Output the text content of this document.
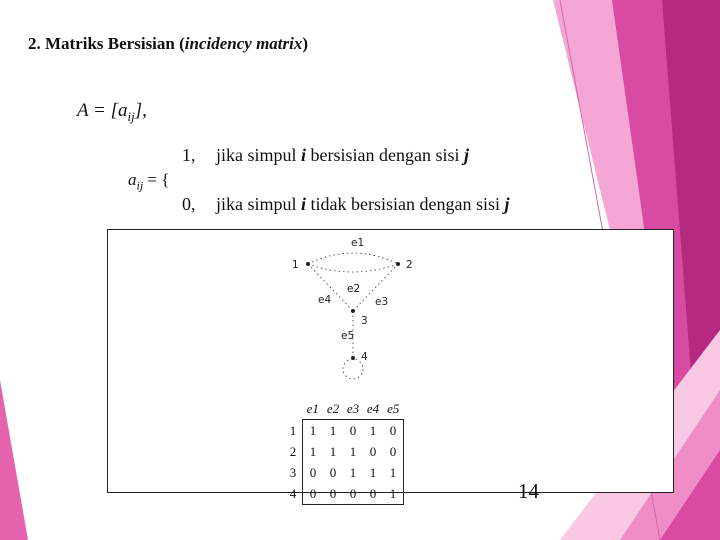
2. Matriks Bersisian (incidency matrix)
$A = [a_{ij}]$,
$a_{ij}$ = {
1, jika simpul i bersisian dengan sisi j
0, jika simpul i tidak bersisian dengan sisi j
1	2
3
4
e1
e2
e3
e4
e5
	e1	e2	e3	e4	e5
1	1	1	0	1	0
2	1	1	1	0	0
3	0	0	1	1	1
4	0	0	0	0	1	14
